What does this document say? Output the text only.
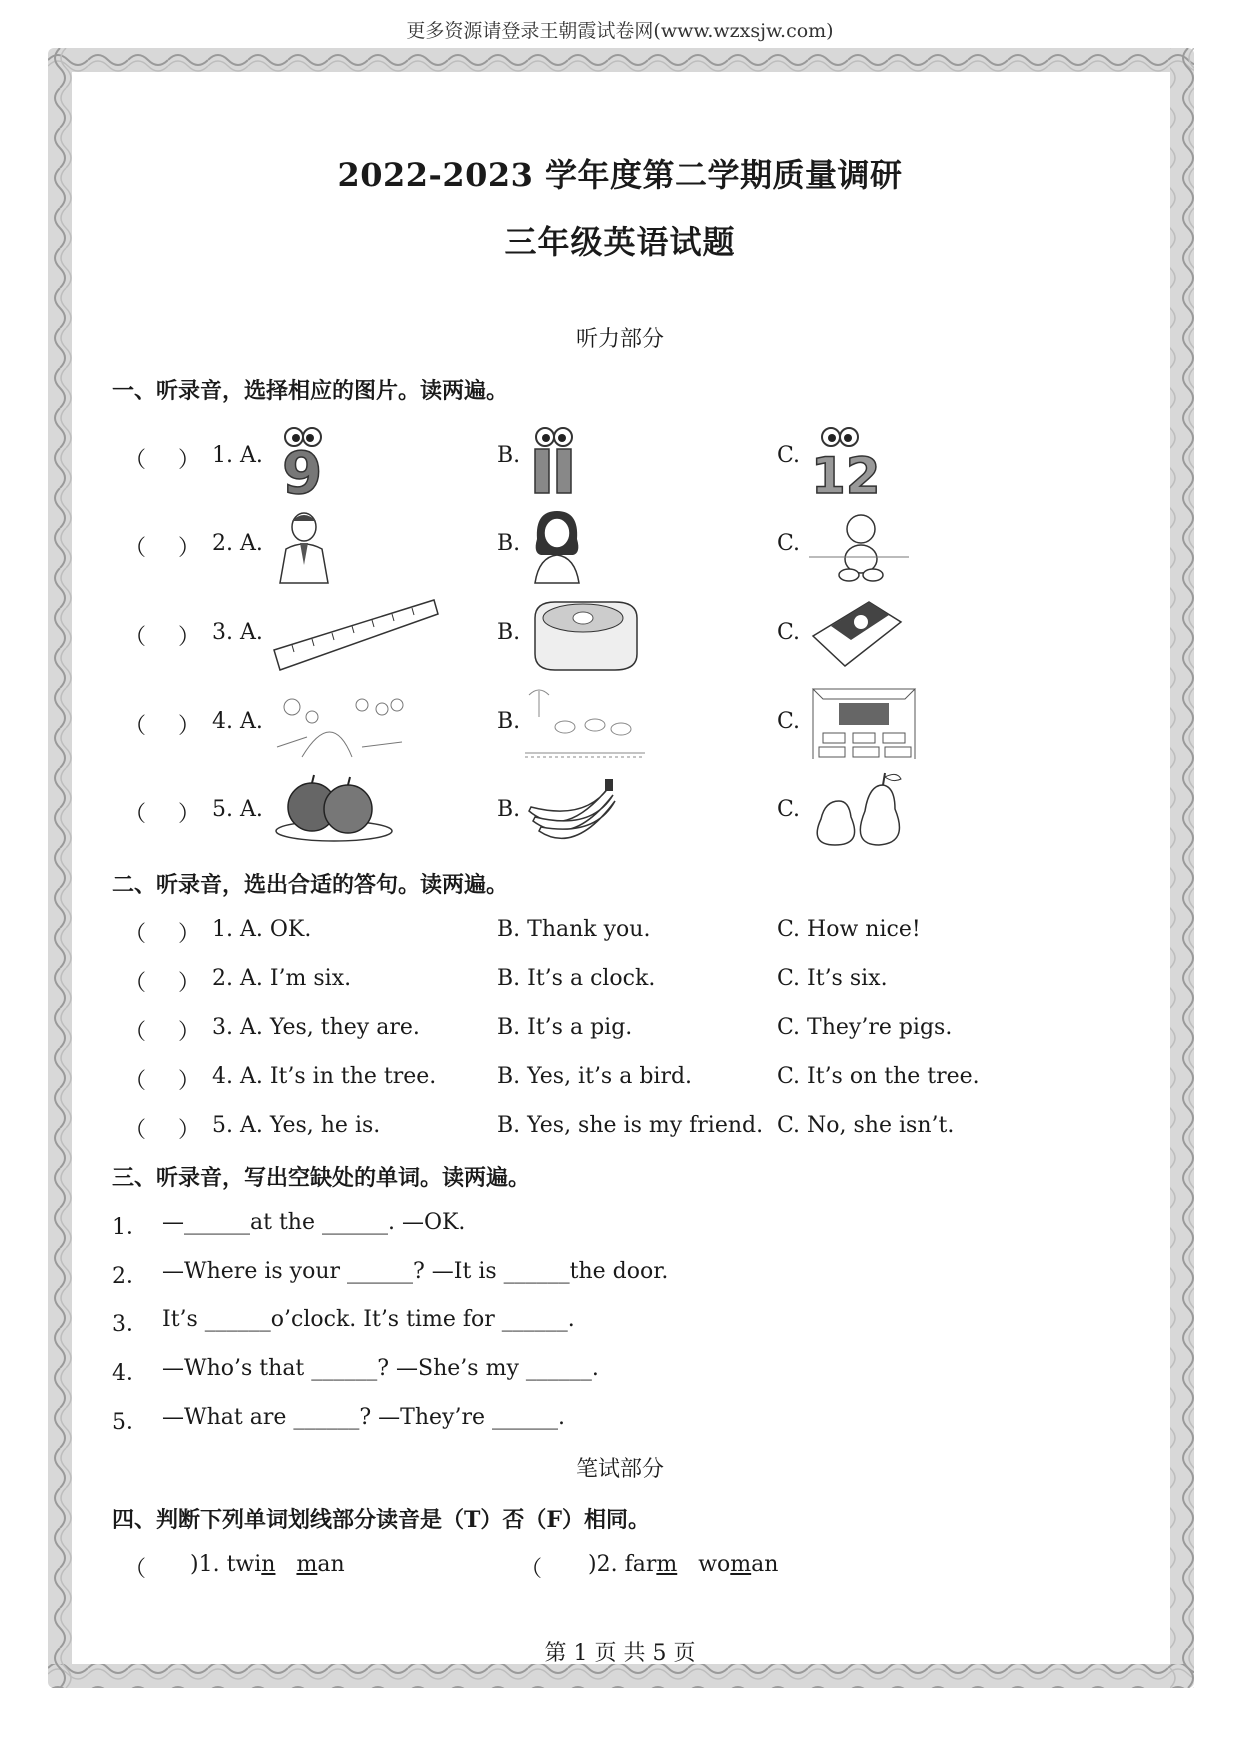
更多资源请登录王朝霞试卷网(www.wzxsjw.com)
2022-2023 学年度第二学期质量调研
三年级英语试题
听力部分
一、听录音，选择相应的图片。读两遍。
（ ） 1. A. 9	B.	C. 12
（ ） 2. A.	B.	C.
（ ） 3. A.	B.	C.
（ ） 4. A.	B.	C.
（ ） 5. A.	B.	C.
二、听录音，选出合适的答句。读两遍。
（ ） 1. A. OK.	B. Thank you.	C. How nice!
（ ） 2. A. I’m six.	B. It’s a clock.	C. It’s six.
（ ） 3. A. Yes, they are.	B. It’s a pig.	C. They’re pigs.
（ ） 4. A. It’s in the tree.	B. Yes, it’s a bird.	C. It’s on the tree.
（ ） 5. A. Yes, he is.	B. Yes, she is my friend. C. No, she isn’t.
三、听录音，写出空缺处的单词。读两遍。
1． —______at the ______. —OK.
2． —Where is your ______? —It is ______the door.
3． It’s ______o’clock. It’s time for ______.
4． —Who’s that ______? —She’s my ______.
5． —What are ______? —They’re ______.
笔试部分
四、判断下列单词划线部分读音是（T）否（F）相同。
（ )1. twin man	（ )2. farm woman
第 1 页 共 5 页
